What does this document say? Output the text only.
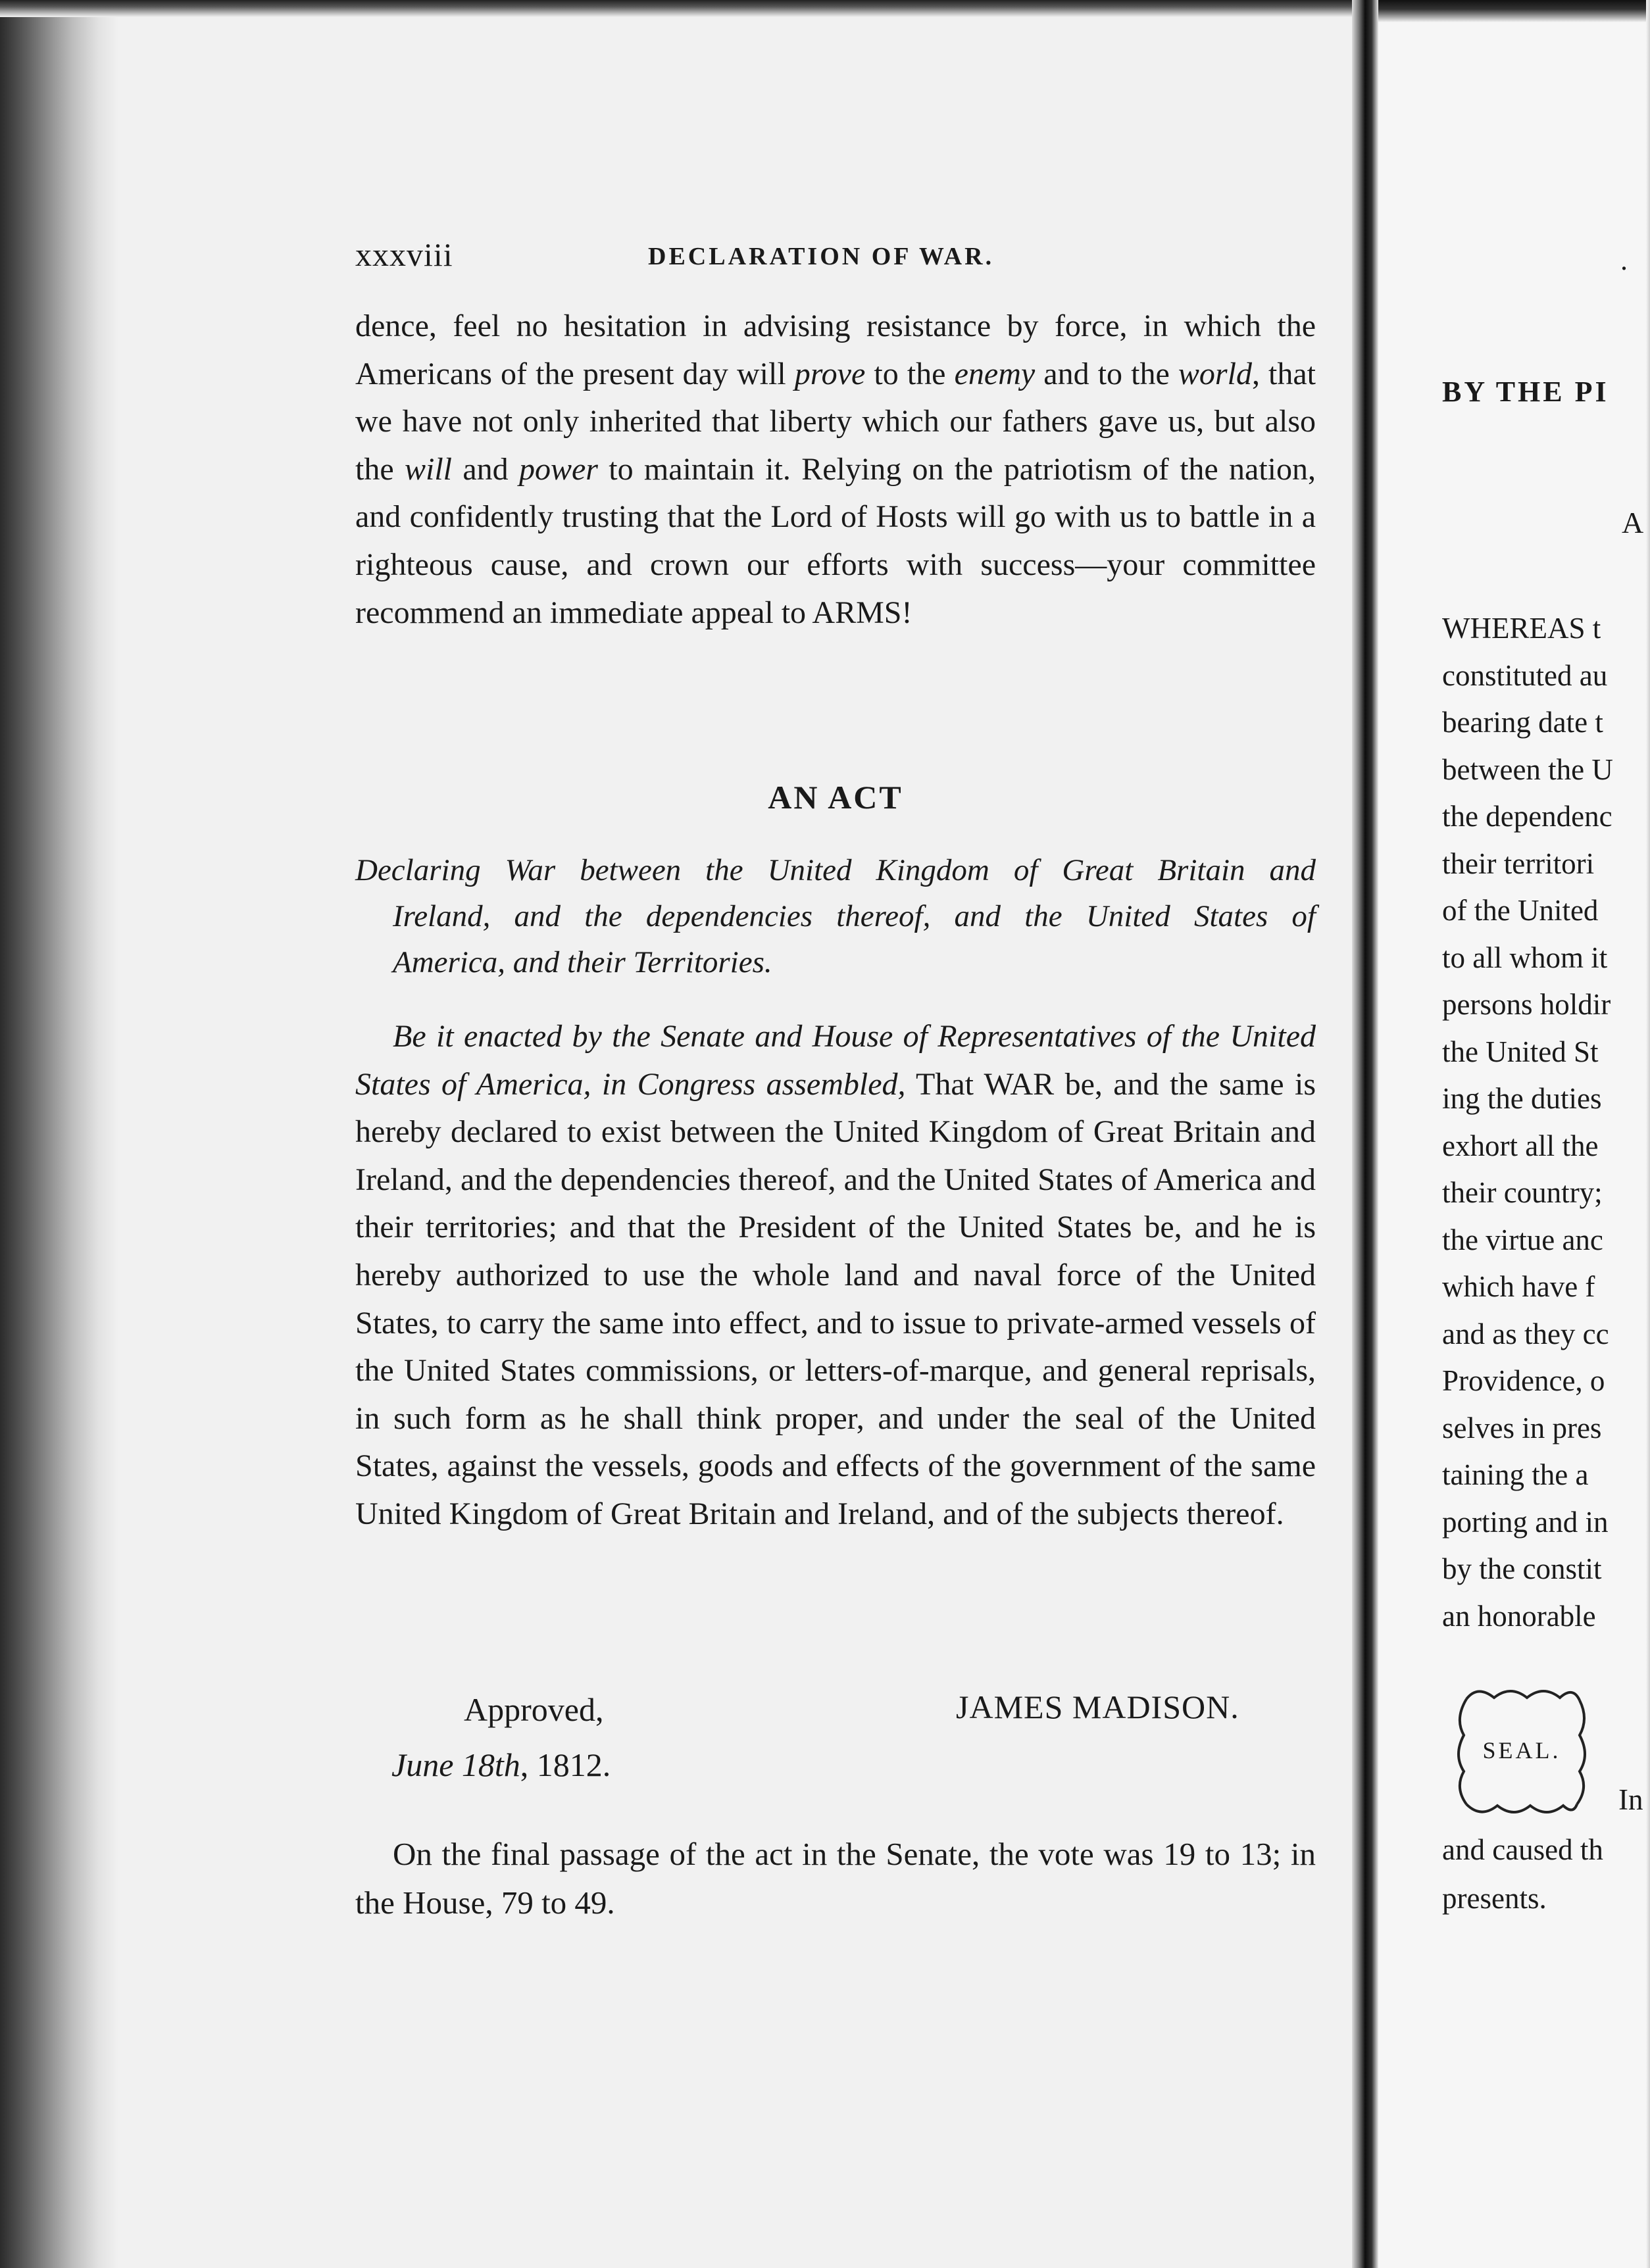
xxxviii	DECLARATION OF WAR.

dence, feel no hesitation in advising resistance by force, in which the Americans of the present day will prove to the enemy and to the world, that we have not only inherited that liberty which our fathers gave us, but also the will and power to maintain it. Relying on the patriotism of the nation, and confidently trusting that the Lord of Hosts will go with us to battle in a righteous cause, and crown our efforts with success—your committee recommend an immediate appeal to ARMS!

AN ACT

Declaring War between the United Kingdom of Great Britain and
Ireland, and the dependencies thereof, and the United States of
America, and their Territories.

Be it enacted by the Senate and House of Representatives of the United States of America, in Congress assembled, That WAR be, and the same is hereby declared to exist between the United Kingdom of Great Britain and Ireland, and the dependencies thereof, and the United States of America and their territories; and that the President of the United States be, and he is hereby authorized to use the whole land and naval force of the United States, to carry the same into effect, and to issue to private-armed vessels of the United States commissions, or letters-of-marque, and general reprisals, in such form as he shall think proper, and under the seal of the United States, against the vessels, goods and effects of the government of the same United Kingdom of Great Britain and Ireland, and of the subjects thereof.

Approved,	JAMES MADISON.
June 18th, 1812.

On the final passage of the act in the Senate, the vote was 19 to 13; in the House, 79 to 49.

.
BY THE PI
A
WHEREAS t
constituted au
bearing date t
between the U
the dependenc
their territori
of the United
to all whom it
persons holdir
the United St
ing the duties
exhort all the
their country;
the virtue anc
which have f
and as they cc
Providence, o
selves in pres
taining the a
porting and in
by the constit
an honorable
SEAL.
In
and caused th
presents.
